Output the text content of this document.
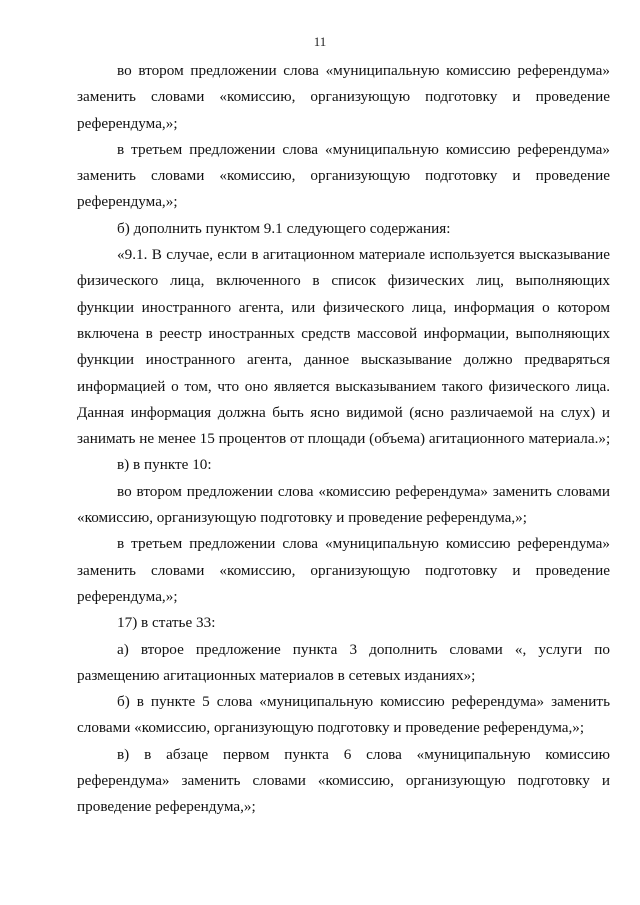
11

во втором предложении слова «муниципальную комиссию референдума»
заменить словами «комиссию, организующую подготовку и проведение
референдума,»;

в третьем предложении слова «муниципальную комиссию референдума»
заменить словами «комиссию, организующую подготовку и проведение
референдума,»;

б) дополнить пунктом 9.1 следующего содержания:

«9.1. В случае, если в агитационном материале используется высказывание
физического лица, включенного в список физических лиц, выполняющих
функции иностранного агента, или физического лица, информация о котором
включена в реестр иностранных средств массовой информации, выполняющих
функции иностранного агента, данное высказывание должно предваряться
информацией о том, что оно является высказыванием такого физического лица.
Данная информация должна быть ясно видимой (ясно различаемой на слух) и
занимать не менее 15 процентов от площади (объема) агитационного материала.»;

в) в пункте 10:

во втором предложении слова «комиссию референдума» заменить словами
«комиссию, организующую подготовку и проведение референдума,»;

в третьем предложении слова «муниципальную комиссию референдума»
заменить словами «комиссию, организующую подготовку и проведение
референдума,»;

17) в статье 33:

а) второе предложение пункта 3 дополнить словами «, услуги по
размещению агитационных материалов в сетевых изданиях»;

б) в пункте 5 слова «муниципальную комиссию референдума» заменить
словами «комиссию, организующую подготовку и проведение референдума,»;

в) в абзаце первом пункта 6 слова «муниципальную комиссию
референдума» заменить словами «комиссию, организующую подготовку и
проведение референдума,»;
